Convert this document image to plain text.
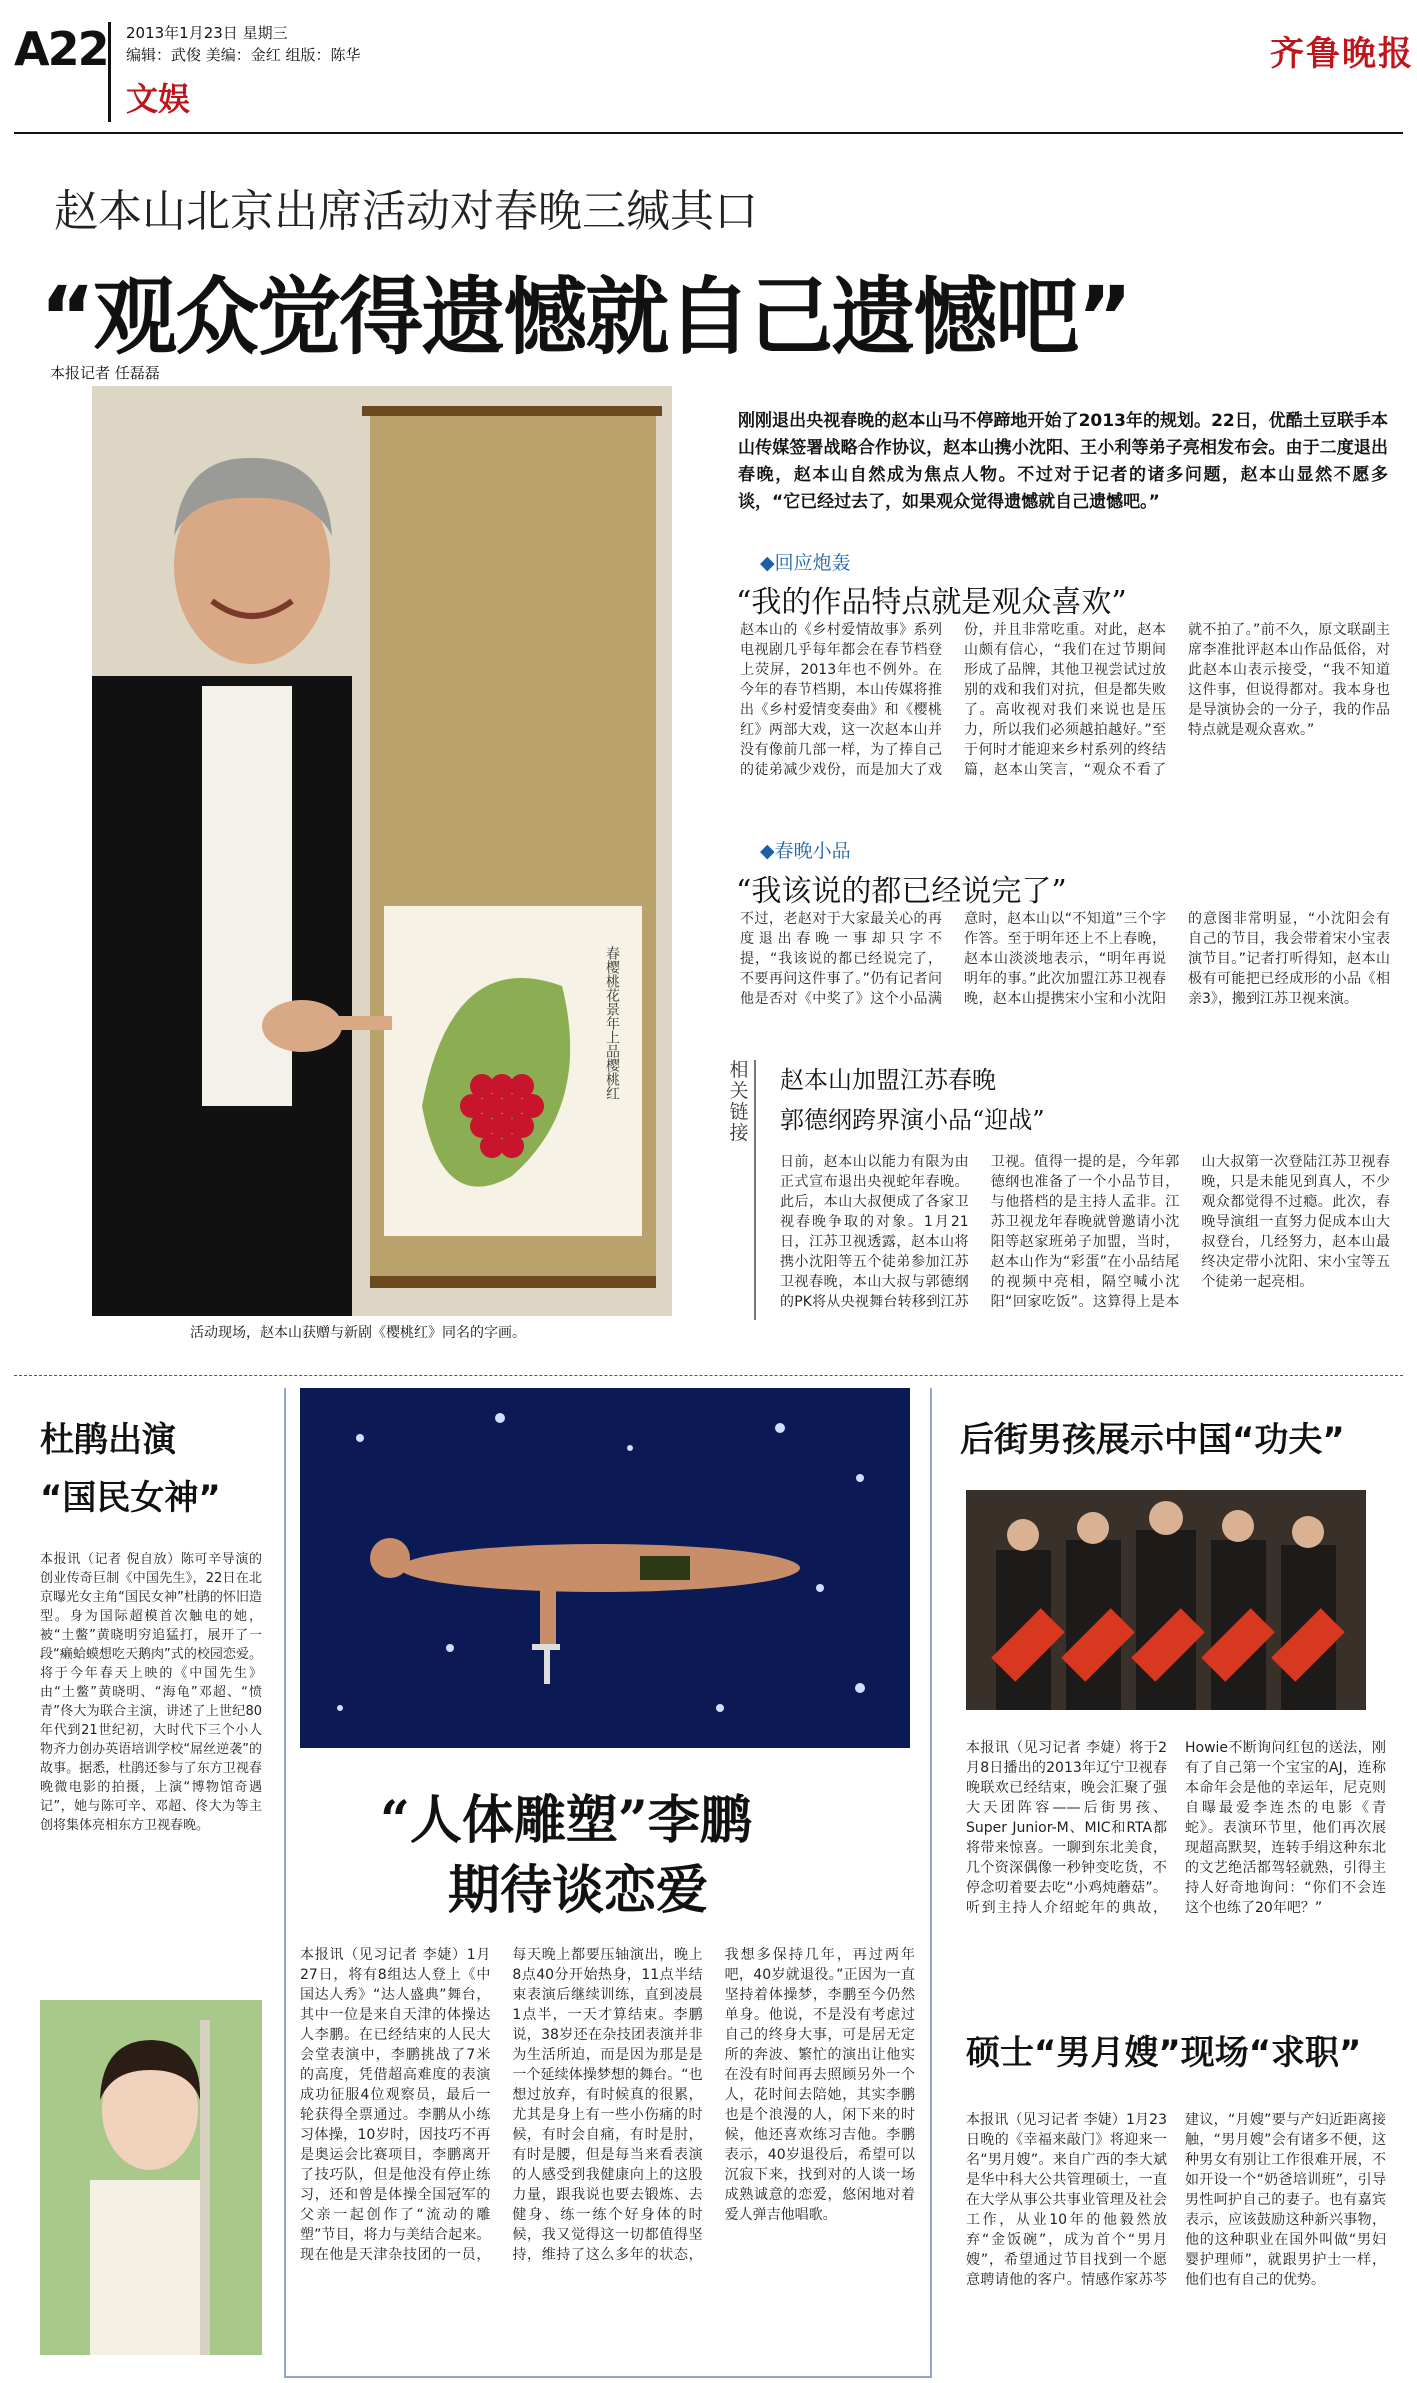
A22 2013年1月23日 星期三
编辑：武俊 美编：金红 组版：陈华
文娱
齐鲁晚报
赵本山北京出席活动对春晚三缄其口
“观众觉得遗憾就自己遗憾吧”
本报记者 任磊磊
春樱桃花景年上品樱桃红
活动现场，赵本山获赠与新剧《樱桃红》同名的字画。
刚刚退出央视春晚的赵本山马不停蹄地开始了2013年的规划。22日，优酷土豆联手本山传媒签署战略合作协议，赵本山携小沈阳、王小利等弟子亮相发布会。由于二度退出春晚，赵本山自然成为焦点人物。不过对于记者的诸多问题，赵本山显然不愿多谈，“它已经过去了，如果观众觉得遗憾就自己遗憾吧。”
◆回应炮轰
“我的作品特点就是观众喜欢”
赵本山的《乡村爱情故事》系列电视剧几乎每年都会在春节档登上荧屏，2013年也不例外。在今年的春节档期，本山传媒将推出《乡村爱情变奏曲》和《樱桃红》两部大戏，这一次赵本山并没有像前几部一样，为了捧自己的徒弟减少戏份，而是加大了戏份，并且非常吃重。对此，赵本山颇有信心，“我们在过节期间形成了品牌，其他卫视尝试过放别的戏和我们对抗，但是都失败了。高收视对我们来说也是压力，所以我们必须越拍越好。”至于何时才能迎来乡村系列的终结篇，赵本山笑言，“观众不看了就不拍了。”前不久，原文联副主席李准批评赵本山作品低俗，对此赵本山表示接受，“我不知道这件事，但说得都对。我本身也是导演协会的一分子，我的作品特点就是观众喜欢。”
◆春晚小品
“我该说的都已经说完了”
不过，老赵对于大家最关心的再度退出春晚一事却只字不提，“我该说的都已经说完了，不要再问这件事了。”仍有记者问他是否对《中奖了》这个小品满意时，赵本山以“不知道”三个字作答。至于明年还上不上春晚，赵本山淡淡地表示，“明年再说明年的事。”此次加盟江苏卫视春晚，赵本山提携宋小宝和小沈阳的意图非常明显，“小沈阳会有自己的节目，我会带着宋小宝表演节目。”记者打听得知，赵本山极有可能把已经成形的小品《相亲3》，搬到江苏卫视来演。
相关链接
赵本山加盟江苏春晚
郭德纲跨界演小品“迎战”
日前，赵本山以能力有限为由正式宣布退出央视蛇年春晚。此后，本山大叔便成了各家卫视春晚争取的对象。1月21日，江苏卫视透露，赵本山将携小沈阳等五个徒弟参加江苏卫视春晚，本山大叔与郭德纲的PK将从央视舞台转移到江苏卫视。值得一提的是，今年郭德纲也准备了一个小品节目，与他搭档的是主持人孟非。江苏卫视龙年春晚就曾邀请小沈阳等赵家班弟子加盟，当时，赵本山作为“彩蛋”在小品结尾的视频中亮相，隔空喊小沈阳“回家吃饭”。这算得上是本山大叔第一次登陆江苏卫视春晚，只是未能见到真人，不少观众都觉得不过瘾。此次，春晚导演组一直努力促成本山大叔登台，几经努力，赵本山最终决定带小沈阳、宋小宝等五个徒弟一起亮相。
杜鹃出演
“国民女神”
本报讯（记者 倪自放）陈可辛导演的创业传奇巨制《中国先生》，22日在北京曝光女主角“国民女神”杜鹃的怀旧造型。身为国际超模首次触电的她，被“土鳖”黄晓明穷追猛打，展开了一段“癞蛤蟆想吃天鹅肉”式的校园恋爱。将于今年春天上映的《中国先生》由“土鳖”黄晓明、“海龟”邓超、“愤青”佟大为联合主演，讲述了上世纪80年代到21世纪初，大时代下三个小人物齐力创办英语培训学校“屌丝逆袭”的故事。据悉，杜鹃还参与了东方卫视春晚微电影的拍摄，上演“博物馆奇遇记”，她与陈可辛、邓超、佟大为等主创将集体亮相东方卫视春晚。	“人体雕塑”李鹏
期待谈恋爱
本报讯（见习记者 李婕）1月27日，将有8组达人登上《中国达人秀》“达人盛典”舞台，其中一位是来自天津的体操达人李鹏。在已经结束的人民大会堂表演中，李鹏挑战了7米的高度，凭借超高难度的表演成功征服4位观察员，最后一轮获得全票通过。李鹏从小练习体操，10岁时，因技巧不再是奥运会比赛项目，李鹏离开了技巧队，但是他没有停止练习，还和曾是体操全国冠军的父亲一起创作了“流动的雕塑”节目，将力与美结合起来。现在他是天津杂技团的一员，每天晚上都要压轴演出，晚上8点40分开始热身，11点半结束表演后继续训练，直到凌晨1点半，一天才算结束。李鹏说，38岁还在杂技团表演并非为生活所迫，而是因为那是是一个延续体操梦想的舞台。“也想过放弃，有时候真的很累，尤其是身上有一些小伤痛的时候，有时会自痛，有时是肘，有时是腰，但是每当来看表演的人感受到我健康向上的这股力量，跟我说也要去锻炼、去健身、练一练个好身体的时候，我又觉得这一切都值得坚持，维持了这么多年的状态，我想多保持几年，再过两年吧，40岁就退役。”正因为一直坚持着体操梦，李鹏至今仍然单身。他说，不是没有考虑过自己的终身大事，可是居无定所的奔波、繁忙的演出让他实在没有时间再去照顾另外一个人，花时间去陪她，其实李鹏也是个浪漫的人，闲下来的时候，他还喜欢练习吉他。李鹏表示，40岁退役后，希望可以沉寂下来，找到对的人谈一场成熟诚意的恋爱，悠闲地对着爱人弹吉他唱歌。
后街男孩展示中国“功夫”
本报讯（见习记者 李婕）将于2月8日播出的2013年辽宁卫视春晚联欢已经结束，晚会汇聚了强大天团阵容——后街男孩、Super Junior-M、MIC和RTA都将带来惊喜。一聊到东北美食，几个资深偶像一秒钟变吃货，不停念叨着要去吃“小鸡炖蘑菇”。听到主持人介绍蛇年的典故，Howie不断询问红包的送法，刚有了自己第一个宝宝的AJ，连称本命年会是他的幸运年，尼克则自曝最爱李连杰的电影《青蛇》。表演环节里，他们再次展现超高默契，连转手绢这种东北的文艺绝活都驾轻就熟，引得主持人好奇地询问：“你们不会连这个也练了20年吧？”
硕士“男月嫂”现场“求职”
本报讯（见习记者 李婕）1月23日晚的《幸福来敲门》将迎来一名“男月嫂”。来自广西的李大斌是华中科大公共管理硕士，一直在大学从事公共事业管理及社会工作，从业10年的他毅然放弃“金饭碗”，成为首个“男月嫂”，希望通过节目找到一个愿意聘请他的客户。情感作家苏芩建议，“月嫂”要与产妇近距离接触，“男月嫂”会有诸多不便，这种男女有别让工作很难开展，不如开设一个“奶爸培训班”，引导男性呵护自己的妻子。也有嘉宾表示，应该鼓励这种新兴事物，他的这种职业在国外叫做“男妇婴护理师”，就跟男护士一样，他们也有自己的优势。
